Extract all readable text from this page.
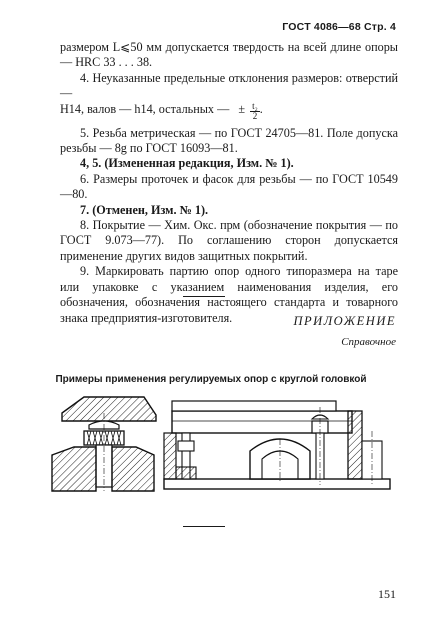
ГОСТ 4086—68 Стр. 4

размером L⩽50 мм допускается твердость на всей длине опоры — HRC 33 . . . 38.

4. Неуказанные предельные отклонения размеров: отверстий —

Н14, валов — h14, остальных — ± $\frac{\text{t₂}}{2}$ .

5. Резьба метрическая — по ГОСТ 24705—81. Поле допуска резьбы — 8g по ГОСТ 16093—81.

4, 5. (Измененная редакция, Изм. № 1).

6. Размеры проточек и фасок для резьбы — по ГОСТ 10549—80.

7. (Отменен, Изм. № 1).

8. Покрытие — Хим. Окс. прм (обозначение покрытия — по ГОСТ 9.073—77). По соглашению сторон допускается применение других видов защитных покрытий.

9. Маркировать партию опор одного типоразмера на таре или упаковке с указанием наименования изделия, его обозначения, обозначения настоящего стандарта и товарного знака предприятия-изготовителя.	ПРИЛОЖЕНИЕ
Справочное
Примеры применения регулируемых опор с круглой головкой
151
